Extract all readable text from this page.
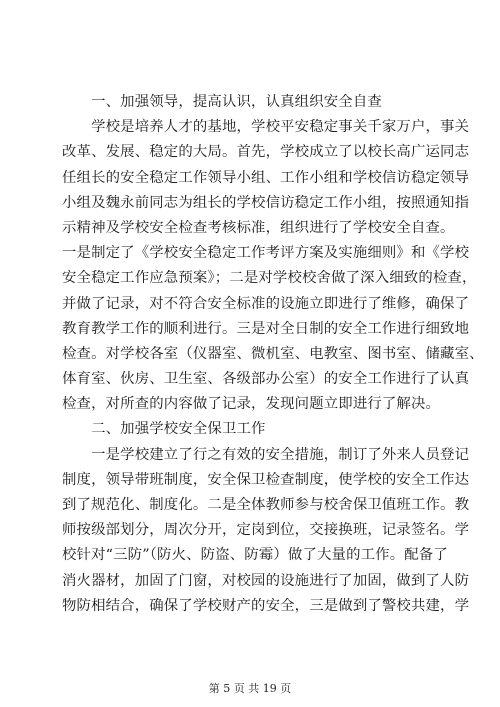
　　一、加强领导，提高认识，认真组织安全自查
　　学校是培养人才的基地，学校平安稳定事关千家万户，事关
改革、发展、稳定的大局。首先，学校成立了以校长高广运同志
任组长的安全稳定工作领导小组、工作小组和学校信访稳定领导
小组及魏永前同志为组长的学校信访稳定工作小组，按照通知指
示精神及学校安全检查考核标准，组织进行了学校安全自查。
一是制定了《学校安全稳定工作考评方案及实施细则》和《学校
安全稳定工作应急预案》；二是对学校校舍做了深入细致的检查，
并做了记录，对不符合安全标准的设施立即进行了维修，确保了
教育教学工作的顺利进行。三是对全日制的安全工作进行细致地
检查。对学校各室（仪器室、微机室、电教室、图书室、储藏室、
体育室、伙房、卫生室、各级部办公室）的安全工作进行了认真
检查，对所查的内容做了记录，发现问题立即进行了解决。
　　二、加强学校安全保卫工作
　　一是学校建立了行之有效的安全措施，制订了外来人员登记
制度，领导带班制度，安全保卫检查制度，使学校的安全工作达
到了规范化、制度化。二是全体教师参与校舍保卫值班工作。教
师按级部划分，周次分开，定岗到位，交接换班，记录签名。学
校针对“三防”（防火、防盗、防霉）做了大量的工作。配备了
消火器材，加固了门窗，对校园的设施进行了加固，做到了人防
物防相结合，确保了学校财产的安全，三是做到了警校共建，学
第 5 页 共 19 页
